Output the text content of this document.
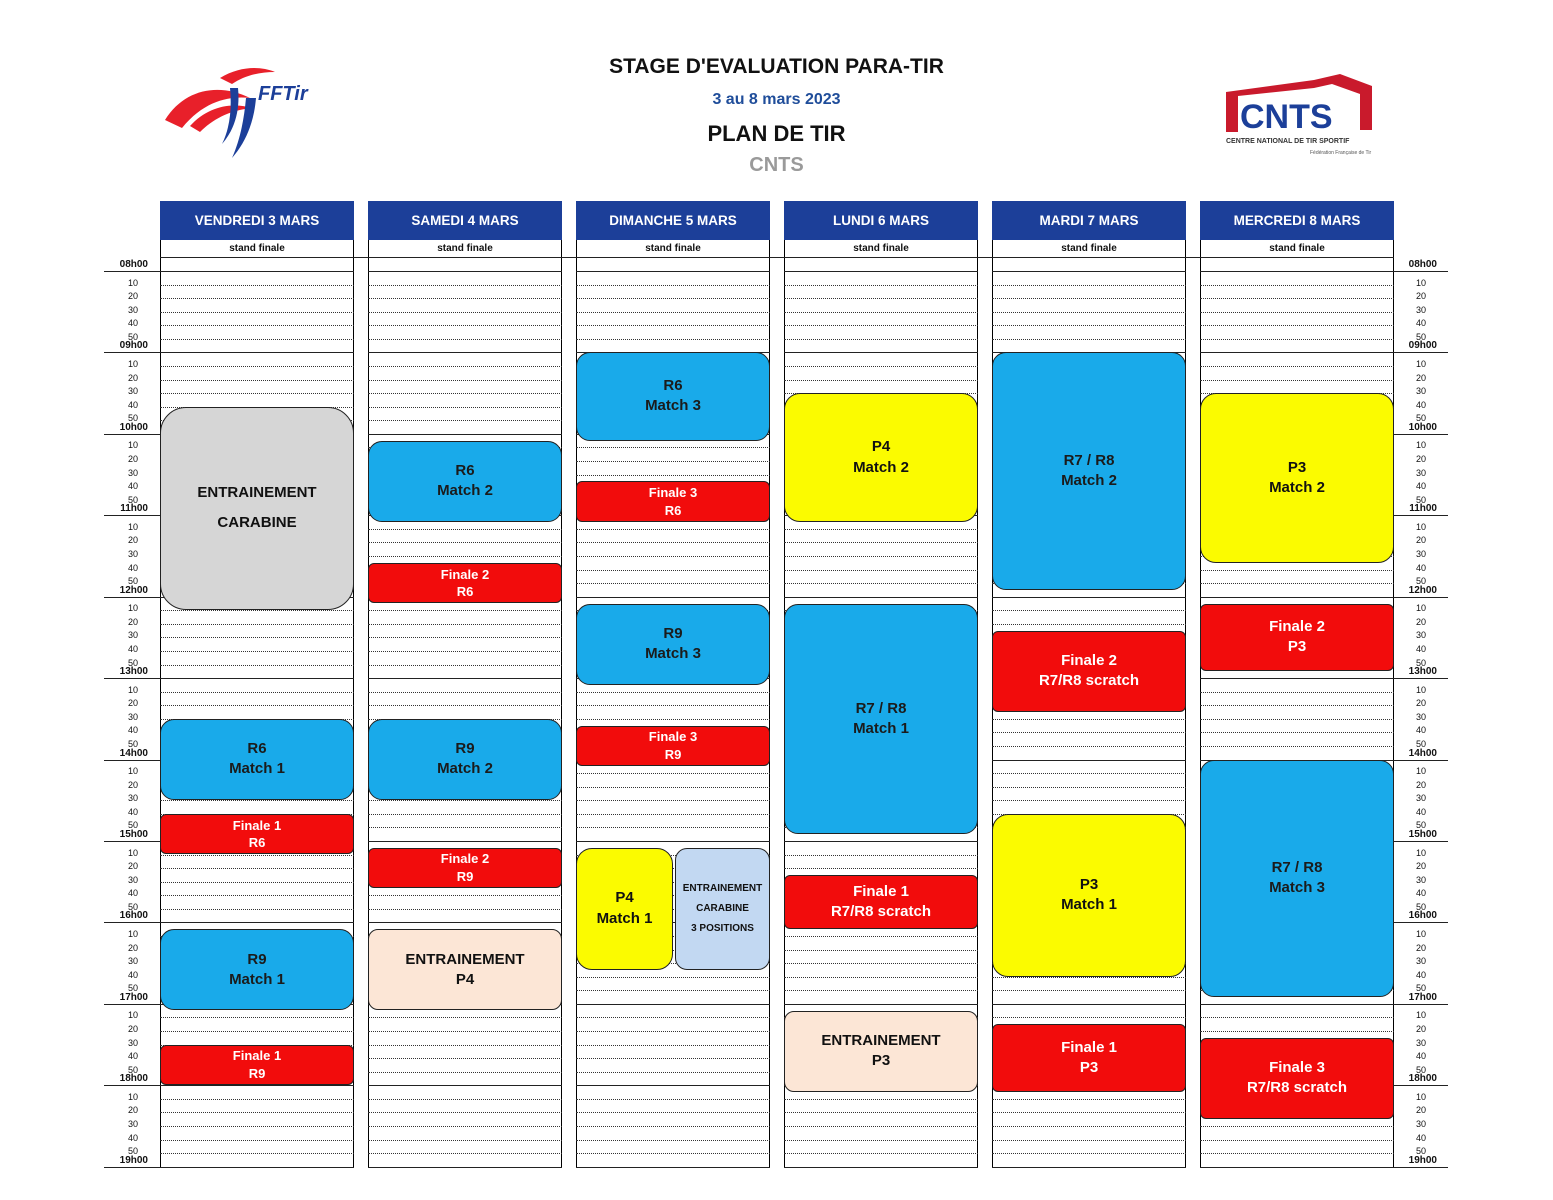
STAGE D'EVALUATION PARA-TIR
3 au 8 mars 2023
PLAN DE TIR
CNTS
FFTir
CNTS
CENTRE NATIONAL DE TIR SPORTIF
Fédération Française de Tir
VENDREDI 3 MARS	SAMEDI 4 MARS	DIMANCHE 5 MARS	LUNDI 6 MARS	MARDI 7 MARS	MERCREDI 8 MARS
stand finale	stand finale	stand finale	stand finale	stand finale	stand finale
08h00	08h00
10	10
20	20
30	30
40	40
50	50
09h00	09h00
10	10
20	20
30	30
40	40
50	50
10h00	10h00
10	10
20	20
30	30
40	40
50	50
11h00	11h00
10	10
20	20
30	30
40	40
50	50
12h00	12h00
10	10
20	20
30	30
40	40
50	50
13h00	13h00
10	10
20	20
30	30
40	40
50	50
14h00	14h00
10	10
20	20
30	30
40	40
50	50
15h00	15h00
10	10
20	20
30	30
40	40
50	50
16h00	16h00
10	10
20	20
30	30
40	40
50	50
17h00	17h00
10	10
20	20
30	30
40	40
50	50
18h00	18h00
10	10
20	20
30	30
40	40
50	50
19h00	19h00
ENTRAINEMENT
CARABINE
R6
Match 1
Finale 1
R6
R9
Match 1
Finale 1
R9
R6
Match 2
Finale 2
R6
R9
Match 2
Finale 2
R9
ENTRAINEMENT
P4
R6
Match 3
Finale 3
R6
R9
Match 3
Finale 3
R9
P4
Match 1
ENTRAINEMENT
CARABINE
3 POSITIONS
P4
Match 2
R7 / R8
Match 1
Finale 1
R7/R8 scratch
ENTRAINEMENT
P3
R7 / R8
Match 2
Finale 2
R7/R8 scratch
P3
Match 1
Finale 1
P3
P3
Match 2
Finale 2
P3
R7 / R8
Match 3
Finale 3
R7/R8 scratch
